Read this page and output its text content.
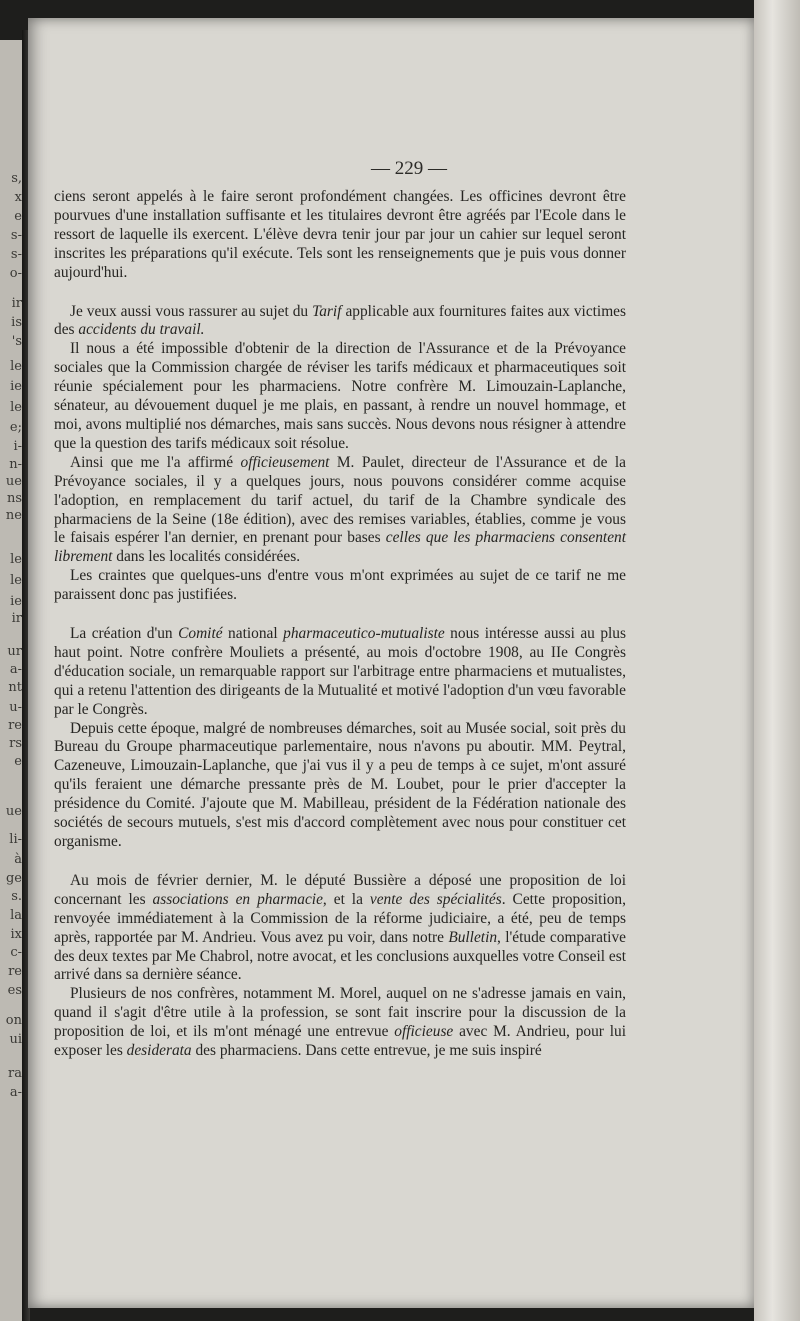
s,
x
e
s-
s-
o-
ir
is
's
le
ie
le
e;
i-
n-
ue
ns
ne
le
le
ie
ir
ur
a-
nt
u-
re
rs
e
ue
li-
à
ge
s.
la
ix
c-
re
es
on
ui
ra
a-
— 229 —

ciens seront appelés à le faire seront profondément changées. Les officines devront être pourvues d'une installation suffisante et les titulaires devront être agréés par l'Ecole dans le ressort de laquelle ils exercent. L'élève devra tenir jour par jour un cahier sur lequel seront inscrites les préparations qu'il exécute. Tels sont les renseignements que je puis vous donner aujourd'hui.

Je veux aussi vous rassurer au sujet du Tarif applicable aux fournitures faites aux victimes des accidents du travail.

Il nous a été impossible d'obtenir de la direction de l'Assurance et de la Prévoyance sociales que la Commission chargée de réviser les tarifs médicaux et pharmaceutiques soit réunie spécialement pour les pharmaciens. Notre confrère M. Limouzain-Laplanche, sénateur, au dévouement duquel je me plais, en passant, à rendre un nouvel hommage, et moi, avons multiplié nos démarches, mais sans succès. Nous devons nous résigner à attendre que la question des tarifs médicaux soit résolue.

Ainsi que me l'a affirmé officieusement M. Paulet, directeur de l'Assurance et de la Prévoyance sociales, il y a quelques jours, nous pouvons considérer comme acquise l'adoption, en remplacement du tarif actuel, du tarif de la Chambre syndicale des pharmaciens de la Seine (18e édition), avec des remises variables, établies, comme je vous le faisais espérer l'an dernier, en prenant pour bases celles que les pharmaciens consentent librement dans les localités considérées.

Les craintes que quelques-uns d'entre vous m'ont exprimées au sujet de ce tarif ne me paraissent donc pas justifiées.

La création d'un Comité national pharmaceutico-mutualiste nous intéresse aussi au plus haut point. Notre confrère Mouliets a présenté, au mois d'octobre 1908, au IIe Congrès d'éducation sociale, un remarquable rapport sur l'arbitrage entre pharmaciens et mutualistes, qui a retenu l'attention des dirigeants de la Mutualité et motivé l'adoption d'un vœu favorable par le Congrès.

Depuis cette époque, malgré de nombreuses démarches, soit au Musée social, soit près du Bureau du Groupe pharmaceutique parlementaire, nous n'avons pu aboutir. MM. Peytral, Cazeneuve, Limouzain-Laplanche, que j'ai vus il y a peu de temps à ce sujet, m'ont assuré qu'ils feraient une démarche pressante près de M. Loubet, pour le prier d'accepter la présidence du Comité. J'ajoute que M. Mabilleau, président de la Fédération nationale des sociétés de secours mutuels, s'est mis d'accord complètement avec nous pour constituer cet organisme.

Au mois de février dernier, M. le député Bussière a déposé une proposition de loi concernant les associations en pharmacie, et la vente des spécialités. Cette proposition, renvoyée immédiatement à la Commission de la réforme judiciaire, a été, peu de temps après, rapportée par M. Andrieu. Vous avez pu voir, dans notre Bulletin, l'étude comparative des deux textes par Me Chabrol, notre avocat, et les conclusions auxquelles votre Conseil est arrivé dans sa dernière séance.

Plusieurs de nos confrères, notamment M. Morel, auquel on ne s'adresse jamais en vain, quand il s'agit d'être utile à la profession, se sont fait inscrire pour la discussion de la proposition de loi, et ils m'ont ménagé une entrevue officieuse avec M. Andrieu, pour lui exposer les desiderata des pharmaciens. Dans cette entrevue, je me suis inspiré
